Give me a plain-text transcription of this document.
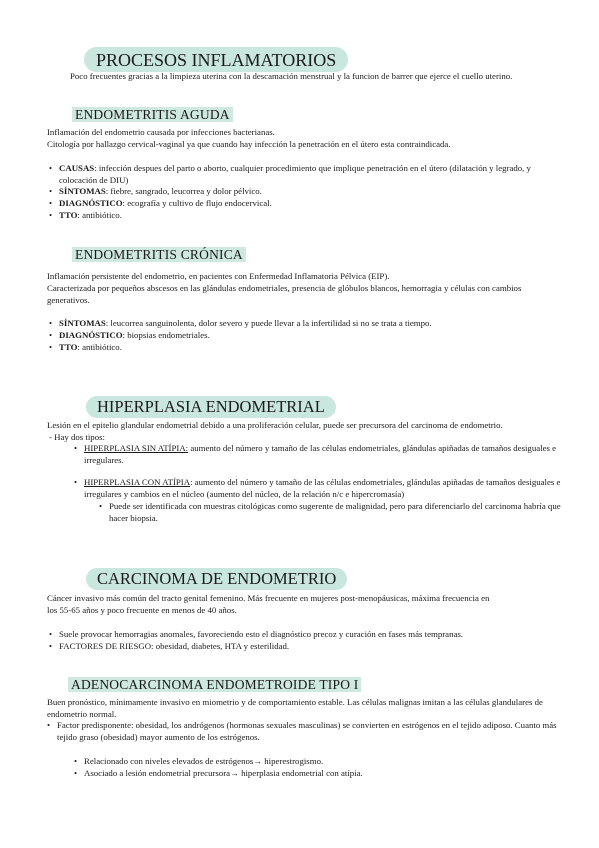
PROCESOS INFLAMATORIOS

Poco frecuentes gracias a la limpieza uterina con la descamación menstrual y la funcion de barrer que ejerce el cuello uterino.

ENDOMETRITIS AGUDA

Inflamación del endometrio causada por infecciones bacterianas.

Citología por hallazgo cervical-vaginal ya que cuando hay infección la penetración en el útero esta contraindicada.

• CAUSAS: infección despues del parto o aborto, cualquier procedimiento que implique penetración en el útero (dilatación y legrado, y colocación de DIU)
• SÍNTOMAS: fiebre, sangrado, leucorrea y dolor pélvico.
• DIAGNÓSTICO: ecografía y cultivo de flujo endocervical.
• TTO: antibiótico.
ENDOMETRITIS CRÓNICA

Inflamación persistente del endometrio, en pacientes con Enfermedad Inflamatoria Pélvica (EIP).

Caracterizada por pequeños abscesos en las glándulas endometriales, presencia de glóbulos blancos, hemorragia y células con cambios generativos.

• SÍNTOMAS: leucorrea sanguinolenta, dolor severo y puede llevar a la infertilidad si no se trata a tiempo.
• DIAGNÓSTICO: biopsias endometriales.
• TTO: antibiótico.
HIPERPLASIA ENDOMETRIAL

Lesión en el epitelio glandular endometrial debido a una proliferación celular, puede ser precursora del carcinoma de endometrio.

- Hay dos tipos:

• HIPERPLASIA SIN ATÍPIA: aumento del número y tamaño de las células endometriales, glándulas apiñadas de tamaños desiguales e irregulares.
• HIPERPLASIA CON ATÍPIA: aumento del número y tamaño de las células endometriales, glándulas apiñadas de tamaños desiguales e irregulares y cambios en el núcleo (aumento del núcleo, de la relación n/c e hipercromasía)
• Puede ser identificada con muestras citológicas como sugerente de malignidad, pero para diferenciarlo del carcinoma habría que hacer biopsia.
CARCINOMA DE ENDOMETRIO

Cáncer invasivo más común del tracto genital femenino. Más frecuente en mujeres post-menopáusicas, máxima frecuencia en los 55-65 años y poco frecuente en menos de 40 años.

• Suele provocar hemorragias anomales, favoreciendo esto el diagnóstico precoz y curación en fases más tempranas.
• FACTORES DE RIESGO: obesidad, diabetes, HTA y esterilidad.
ADENOCARCINOMA ENDOMETROIDE TIPO I

Buen pronóstico, mínimamente invasivo en miometrio y de comportamiento estable. Las células malignas imitan a las células glandulares de endometrio normal.

• Factor predisponente: obesidad, los andrógenos (hormonas sexuales masculinas) se convierten en estrógenos en el tejido adiposo. Cuanto más tejido graso (obesidad) mayor aumento de los estrógenos.
• Relacionado con niveles elevados de estrógenos→ hiperestrogismo.
• Asociado a lesión endometrial precursora→ hiperplasia endometrial con atípia.
